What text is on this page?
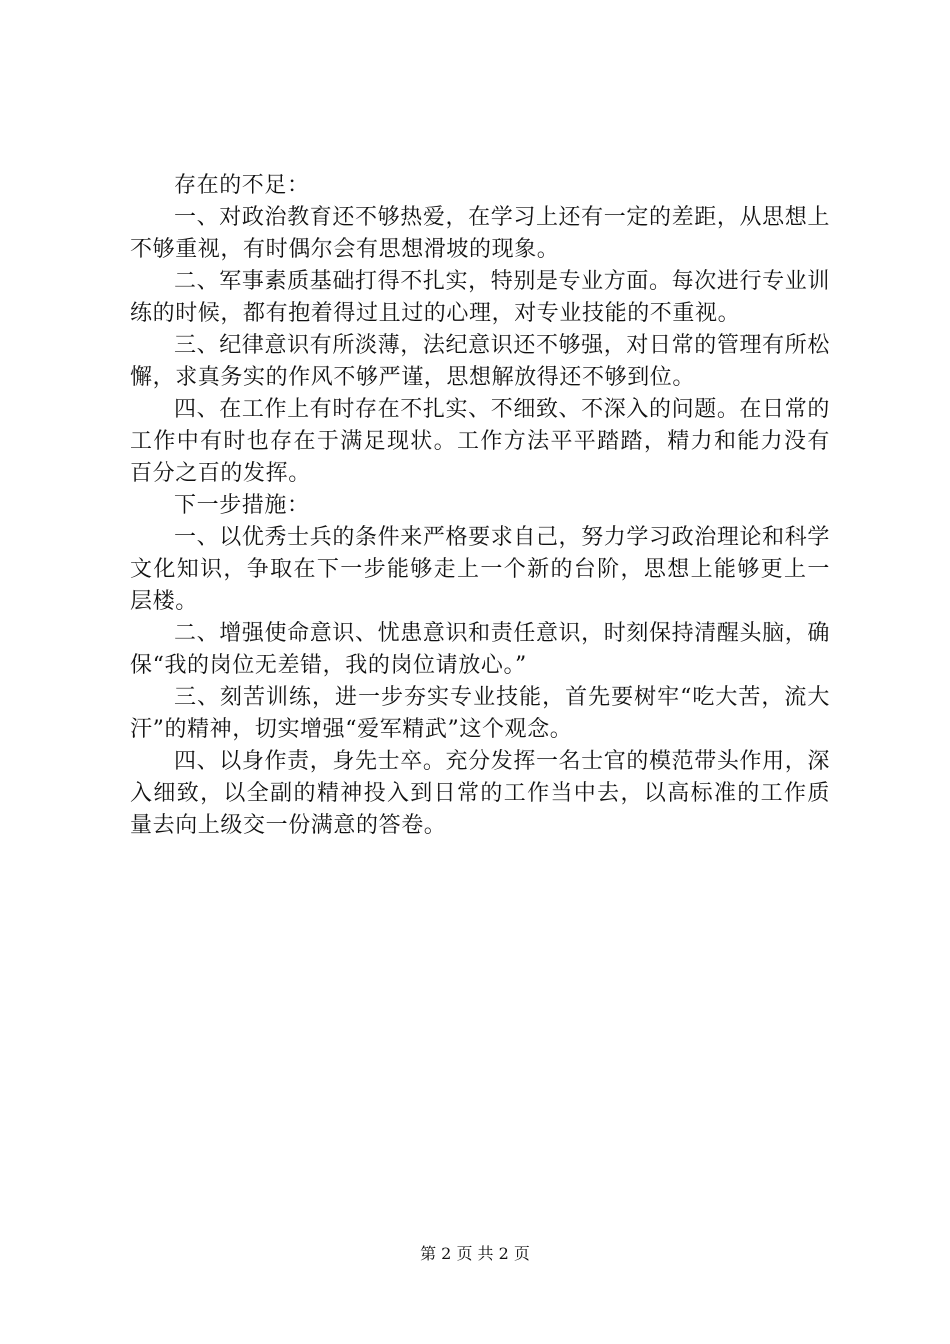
存在的不足：

一、对政治教育还不够热爱，在学习上还有一定的差距，从思想上不够重视，有时偶尔会有思想滑坡的现象。

二、军事素质基础打得不扎实，特别是专业方面。每次进行专业训练的时候，都有抱着得过且过的心理，对专业技能的不重视。

三、纪律意识有所淡薄，法纪意识还不够强，对日常的管理有所松懈，求真务实的作风不够严谨，思想解放得还不够到位。

四、在工作上有时存在不扎实、不细致、不深入的问题。在日常的工作中有时也存在于满足现状。工作方法平平踏踏，精力和能力没有百分之百的发挥。

下一步措施：

一、以优秀士兵的条件来严格要求自己，努力学习政治理论和科学文化知识，争取在下一步能够走上一个新的台阶，思想上能够更上一层楼。

二、增强使命意识、忧患意识和责任意识，时刻保持清醒头脑，确保“我的岗位无差错，我的岗位请放心。”

三、刻苦训练，进一步夯实专业技能，首先要树牢“吃大苦，流大汗”的精神，切实增强“爱军精武”这个观念。

四、以身作责，身先士卒。充分发挥一名士官的模范带头作用，深入细致，以全副的精神投入到日常的工作当中去，以高标准的工作质量去向上级交一份满意的答卷。

第 2 页 共 2 页
